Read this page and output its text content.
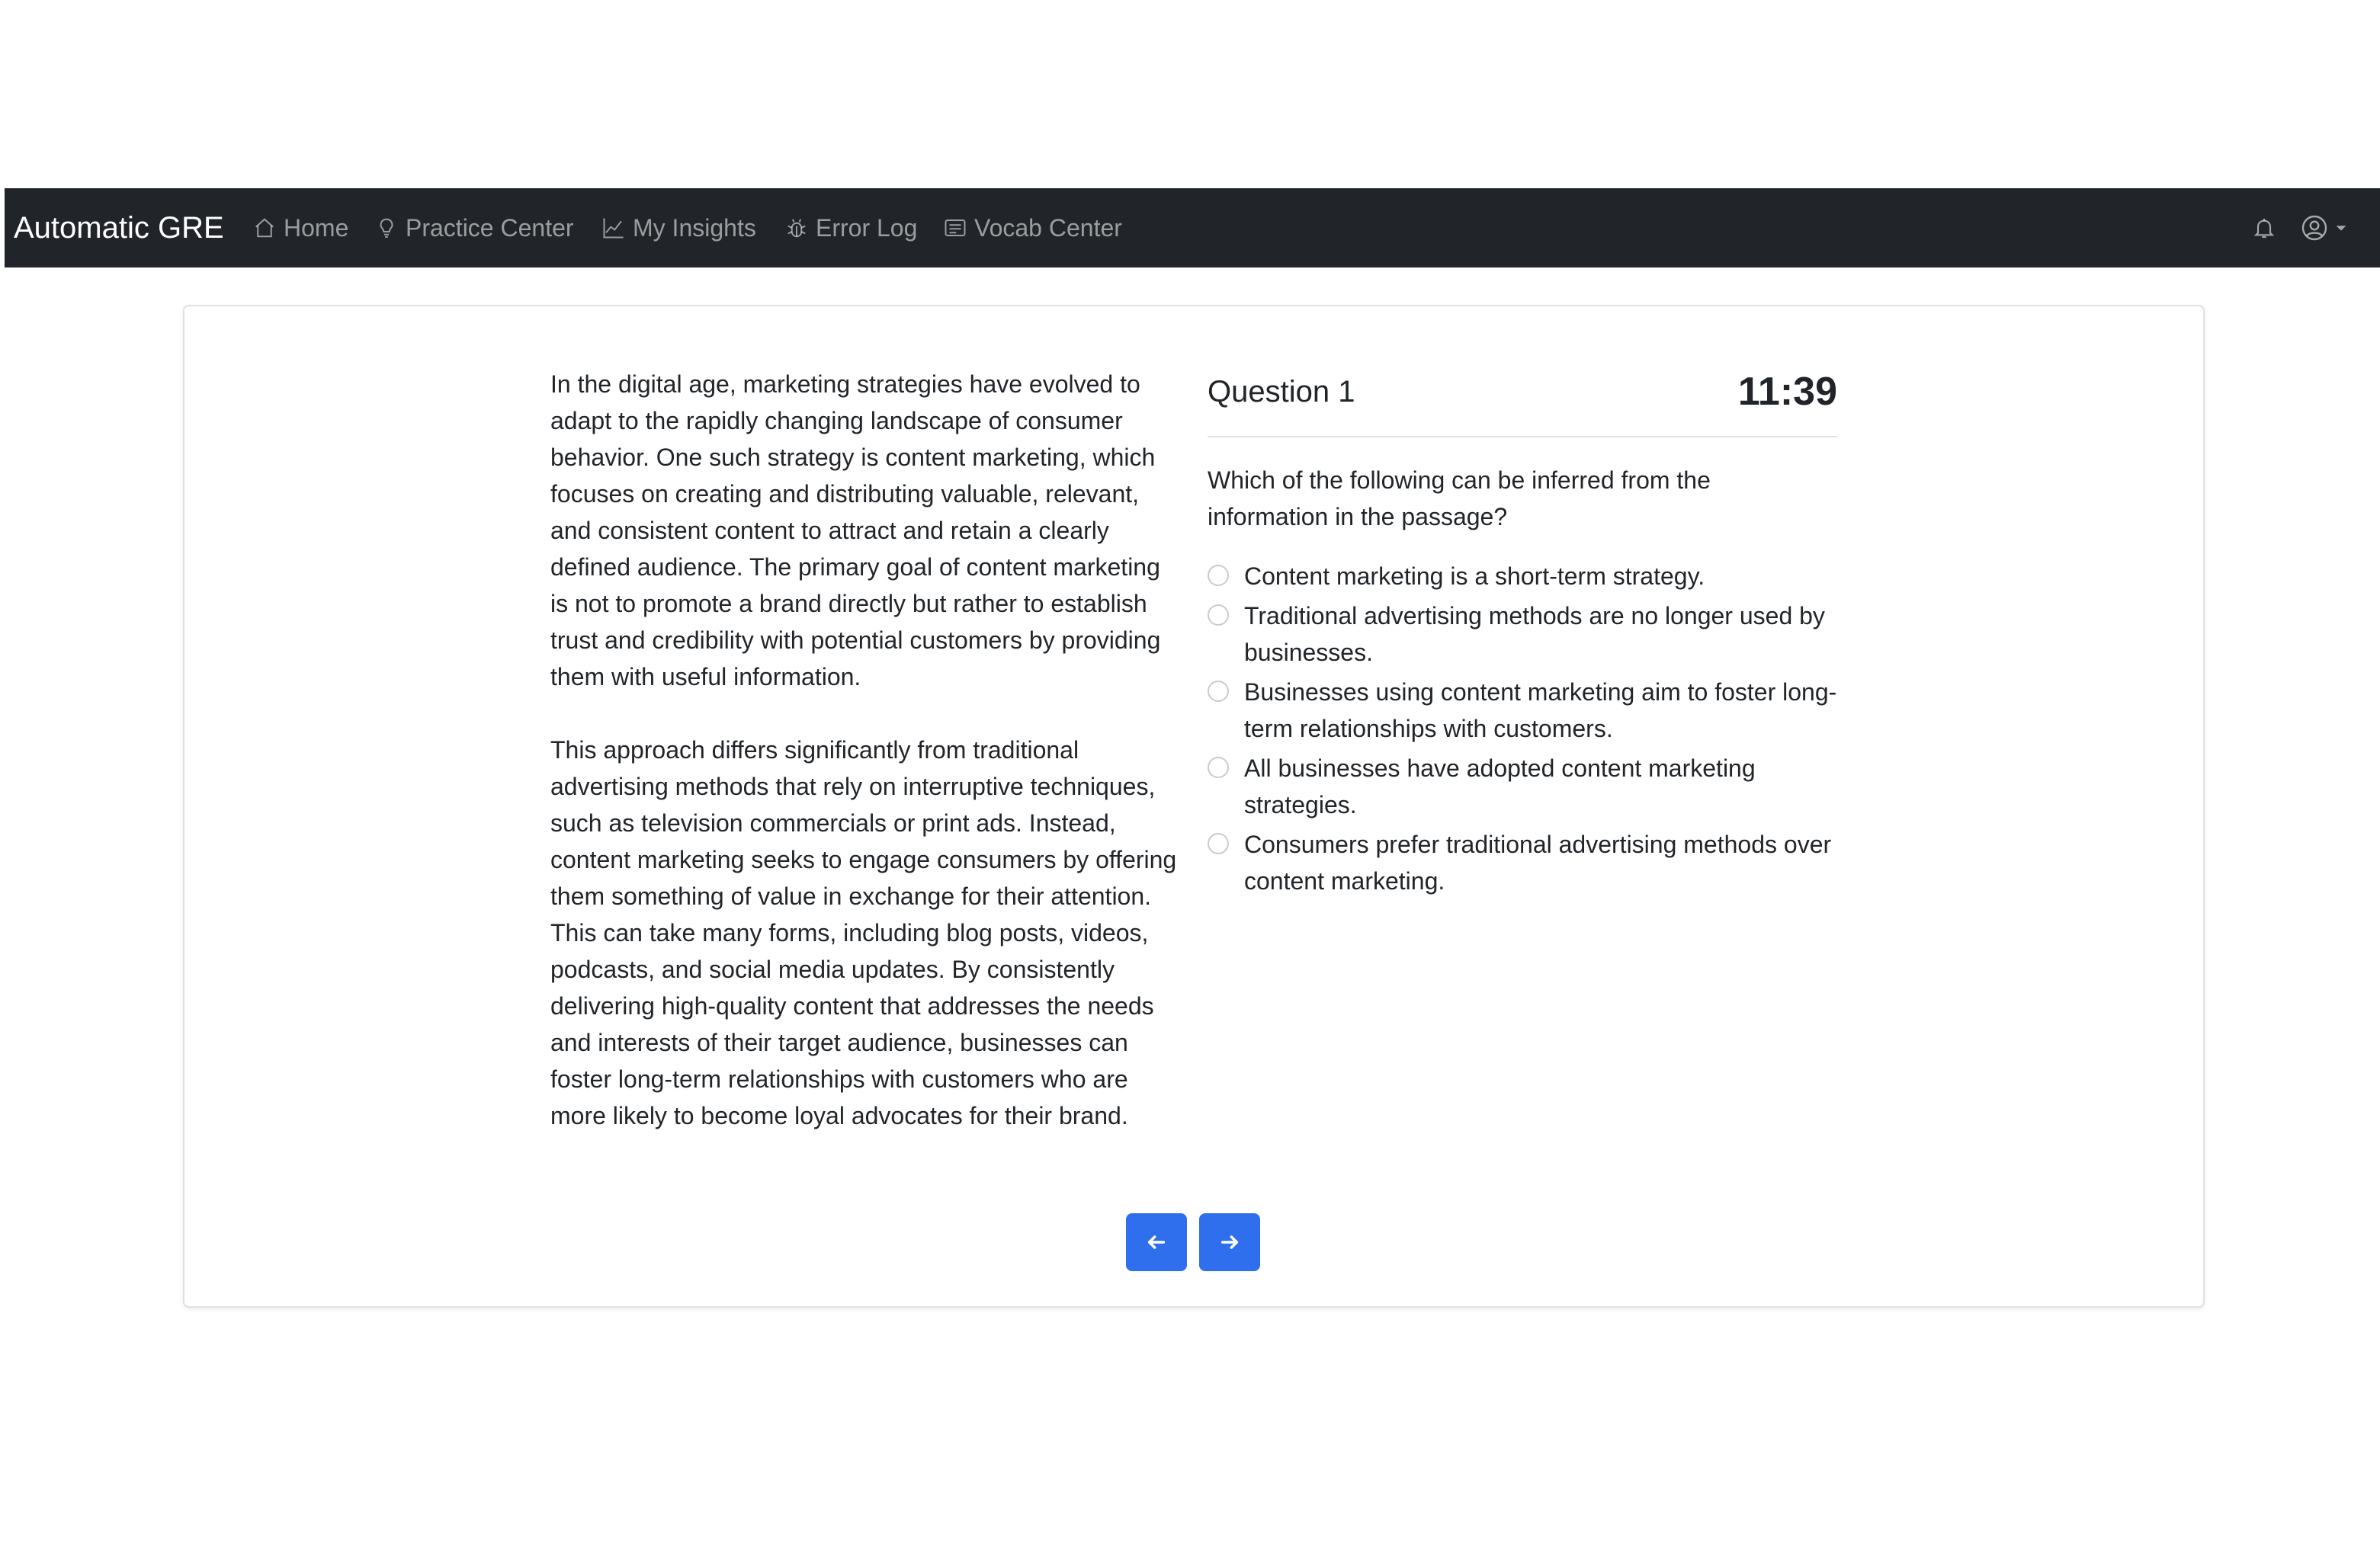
Automatic GRE Home Practice Center My Insights Error Log Vocab Center

In the digital age, marketing strategies have evolved to adapt to the rapidly changing landscape of consumer behavior. One such strategy is content marketing, which focuses on creating and distributing valuable, relevant, and consistent content to attract and retain a clearly defined audience. The primary goal of content marketing is not to promote a brand directly but rather to establish trust and credibility with potential customers by providing them with useful information.

This approach differs significantly from traditional advertising methods that rely on interruptive techniques, such as television commercials or print ads. Instead, content marketing seeks to engage consumers by offering them something of value in exchange for their attention. This can take many forms, including blog posts, videos, podcasts, and social media updates. By consistently delivering high-quality content that addresses the needs and interests of their target audience, businesses can foster long-term relationships with customers who are more likely to become loyal advocates for their brand.

Question 1	11:39
Which of the following can be inferred from the information in the passage?
Content marketing is a short-term strategy.
Traditional advertising methods are no longer used by businesses.
Businesses using content marketing aim to foster long-term relationships with customers.
All businesses have adopted content marketing strategies.
Consumers prefer traditional advertising methods over content marketing.
